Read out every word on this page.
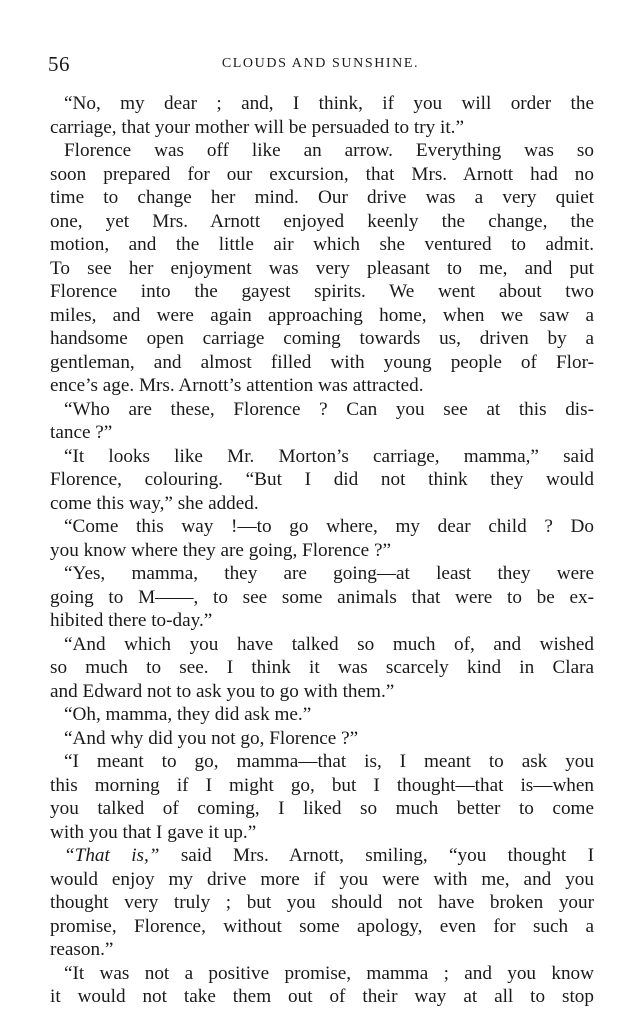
56	CLOUDS AND SUNSHINE.
“No, my dear ; and, I think, if you will order the
carriage, that your mother will be persuaded to try it.”
Florence was off like an arrow. Everything was so
soon prepared for our excursion, that Mrs. Arnott had no
time to change her mind. Our drive was a very quiet
one, yet Mrs. Arnott enjoyed keenly the change, the
motion, and the little air which she ventured to admit.
To see her enjoyment was very pleasant to me, and put
Florence into the gayest spirits. We went about two
miles, and were again approaching home, when we saw a
handsome open carriage coming towards us, driven by a
gentleman, and almost filled with young people of Flor-
ence’s age. Mrs. Arnott’s attention was attracted.
“Who are these, Florence ? Can you see at this dis-
tance ?”
“It looks like Mr. Morton’s carriage, mamma,” said
Florence, colouring. “But I did not think they would
come this way,” she added.
“Come this way !—to go where, my dear child ? Do
you know where they are going, Florence ?”
“Yes, mamma, they are going—at least they were
going to M——, to see some animals that were to be ex-
hibited there to-day.”
“And which you have talked so much of, and wished
so much to see. I think it was scarcely kind in Clara
and Edward not to ask you to go with them.”
“Oh, mamma, they did ask me.”
“And why did you not go, Florence ?”
“I meant to go, mamma—that is, I meant to ask you
this morning if I might go, but I thought—that is—when
you talked of coming, I liked so much better to come
with you that I gave it up.”
“That is,” said Mrs. Arnott, smiling, “you thought I
would enjoy my drive more if you were with me, and you
thought very truly ; but you should not have broken your
promise, Florence, without some apology, even for such a
reason.”
“It was not a positive promise, mamma ; and you know
it would not take them out of their way at all to stop
